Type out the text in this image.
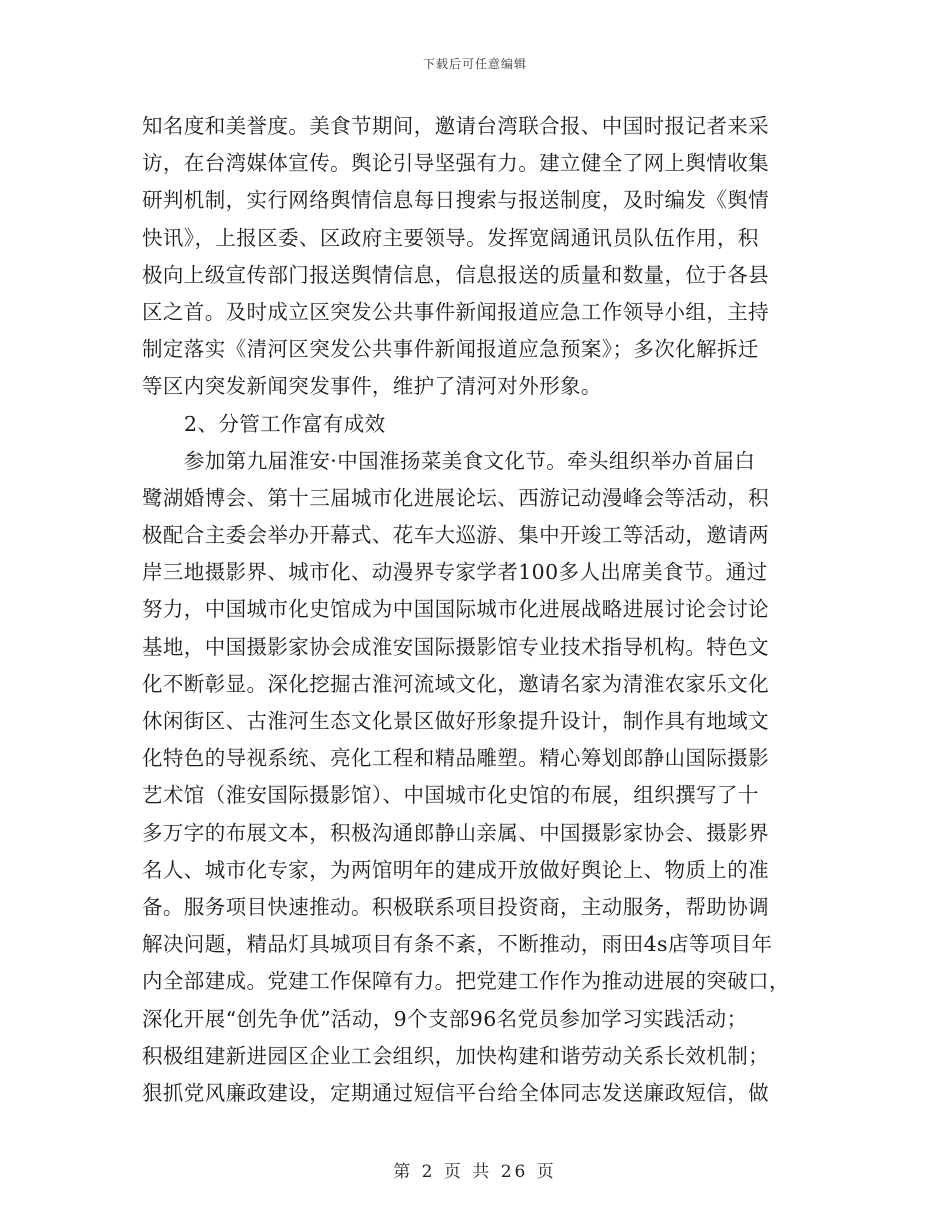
下载后可任意编辑
知名度和美誉度。美食节期间，邀请台湾联合报、中国时报记者来采
访，在台湾媒体宣传。舆论引导坚强有力。建立健全了网上舆情收集
研判机制，实行网络舆情信息每日搜索与报送制度，及时编发《舆情
快讯》，上报区委、区政府主要领导。发挥宽阔通讯员队伍作用，积
极向上级宣传部门报送舆情信息，信息报送的质量和数量，位于各县
区之首。及时成立区突发公共事件新闻报道应急工作领导小组，主持
制定落实《清河区突发公共事件新闻报道应急预案》；多次化解拆迁
等区内突发新闻突发事件，维护了清河对外形象。
2、分管工作富有成效
参加第九届淮安·中国淮扬菜美食文化节。牵头组织举办首届白
鹭湖婚博会、第十三届城市化进展论坛、西游记动漫峰会等活动，积
极配合主委会举办开幕式、花车大巡游、集中开竣工等活动，邀请两
岸三地摄影界、城市化、动漫界专家学者100多人出席美食节。通过
努力，中国城市化史馆成为中国国际城市化进展战略进展讨论会讨论
基地，中国摄影家协会成淮安国际摄影馆专业技术指导机构。特色文
化不断彰显。深化挖掘古淮河流域文化，邀请名家为清淮农家乐文化
休闲街区、古淮河生态文化景区做好形象提升设计，制作具有地域文
化特色的导视系统、亮化工程和精品雕塑。精心筹划郎静山国际摄影
艺术馆（淮安国际摄影馆）、中国城市化史馆的布展，组织撰写了十
多万字的布展文本，积极沟通郎静山亲属、中国摄影家协会、摄影界
名人、城市化专家，为两馆明年的建成开放做好舆论上、物质上的准
备。服务项目快速推动。积极联系项目投资商，主动服务，帮助协调
解决问题，精品灯具城项目有条不紊，不断推动，雨田4s店等项目年
内全部建成。党建工作保障有力。把党建工作作为推动进展的突破口，
深化开展“创先争优”活动，9个支部96名党员参加学习实践活动；
积极组建新进园区企业工会组织，加快构建和谐劳动关系长效机制；
狠抓党风廉政建设，定期通过短信平台给全体同志发送廉政短信，做
第 2 页 共 26 页
